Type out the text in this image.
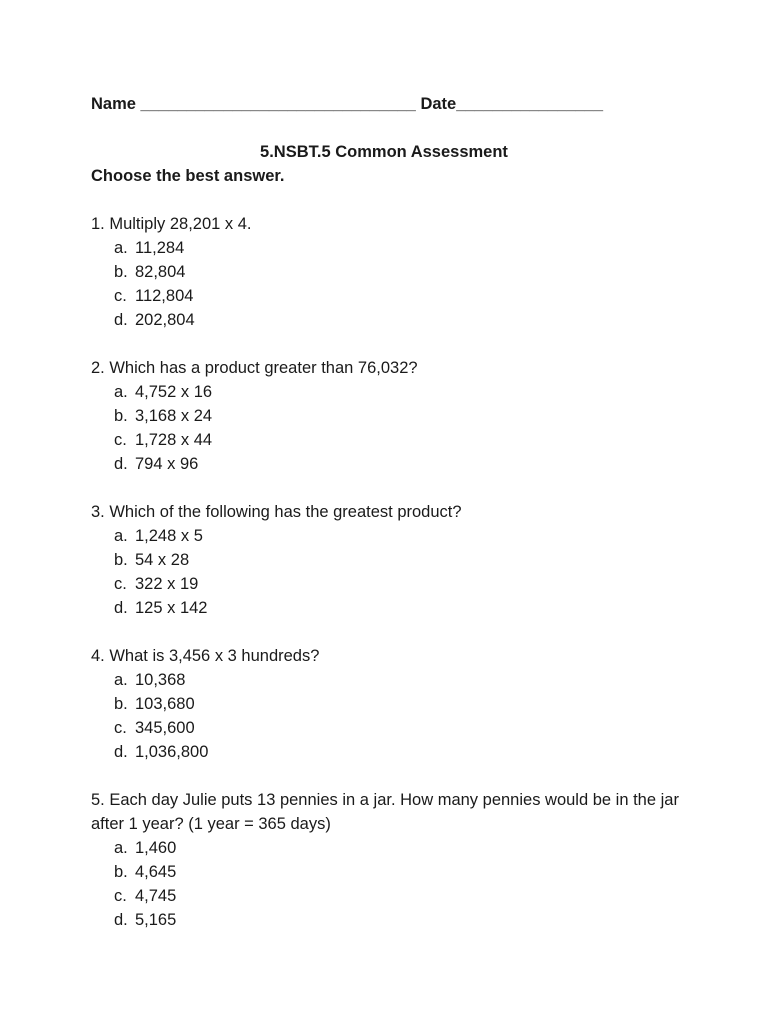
Name ______________________________ Date________________
5.NSBT.5 Common Assessment
Choose the best answer.
1. Multiply 28,201 x 4.
a. 11,284
b. 82,804
c. 112,804
d. 202,804
2. Which has a product greater than 76,032?
a. 4,752 x 16
b. 3,168 x 24
c. 1,728 x 44
d. 794 x 96
3. Which of the following has the greatest product?
a. 1,248 x 5
b. 54 x 28
c. 322 x 19
d. 125 x 142
4. What is 3,456 x 3 hundreds?
a. 10,368
b. 103,680
c. 345,600
d. 1,036,800
5. Each day Julie puts 13 pennies in a jar. How many pennies would be in the jar after 1 year? (1 year = 365 days)
a. 1,460
b. 4,645
c. 4,745
d. 5,165
